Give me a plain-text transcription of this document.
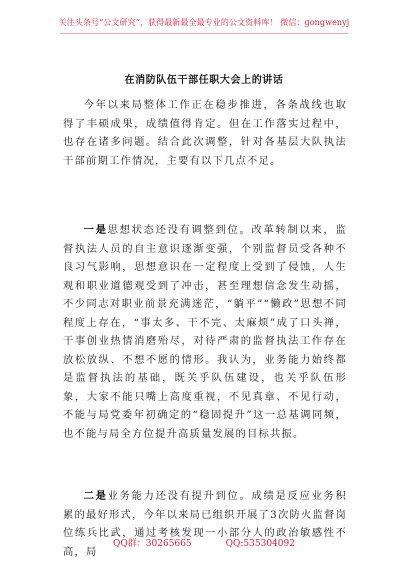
关注头条号“公文研究”，获得最新最全最专业的公文资料库！ 微信：gongwenyj
在消防队伍干部任职大会上的讲话

今年以来局整体工作正在稳步推进，各条战线也取得了丰硕成果，成绩值得肯定。但在工作落实过程中，也存在诸多问题。结合此次调整，针对各基层大队执法干部前期工作情况，主要有以下几点不足。

一是思想状态还没有调整到位。改革转制以来，监督执法人员的自主意识逐渐变强，个别监督员受各种不良习气影响，思想意识在一定程度上受到了侵蚀，人生观和职业道德观受到了冲击，甚至理想信念发生动摇，不少同志对职业前景充满迷茫，“躺平”“懒政”思想不同程度上存在，“事太多、干不完、太麻烦”成了口头禅，干事创业热情消磨殆尽，对待严肃的监督执法工作存在放松放纵、不想不愿的情形。我认为，业务能力始终都是监督执法的基础，既关乎队伍建设，也关乎队伍形象，大家不能只嘴上高度重视，不见真章、不见行动，不能与局党委年初确定的“稳固提升”这一总基调同频，也不能与局全方位提升高质量发展的目标共振。

二是业务能力还没有提升到位。成绩是反应业务积累的最好形式，今年以来局已组织开展了3次防火监督岗位练兵比武，通过考核发现一小部分人的政治敏感性不高，局

QQ群：30265665	QQ:535304092
